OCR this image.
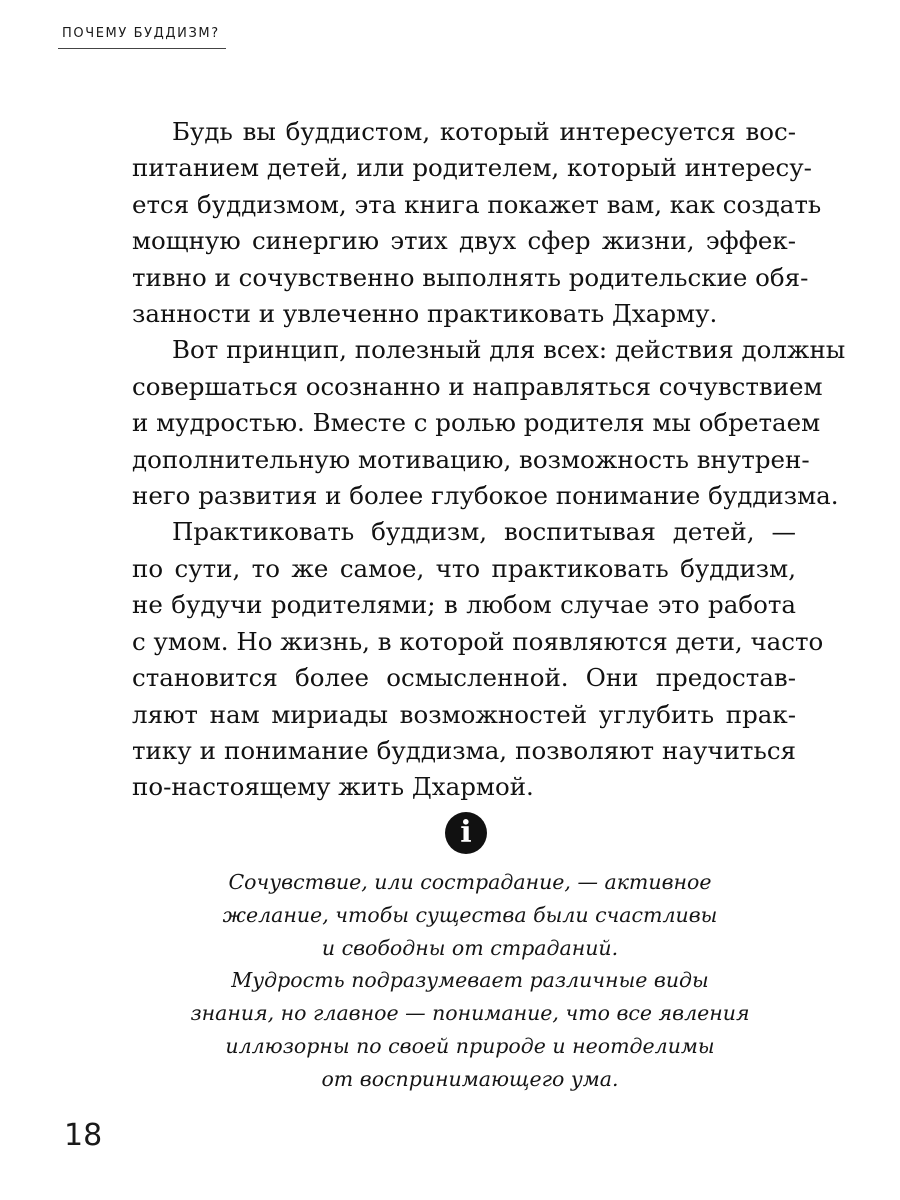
ПОЧЕМУ БУДДИЗМ?

Будь вы буддистом, который интересуется вос-
питанием детей, или родителем, который интересу-
ется буддизмом, эта книга покажет вам, как создать
мощную синергию этих двух сфер жизни, эффек-
тивно и сочувственно выполнять родительские обя-
занности и увлеченно практиковать Дхарму.

Вот принцип, полезный для всех: действия должны
совершаться осознанно и направляться сочувствием
и мудростью. Вместе с ролью родителя мы обретаем
дополнительную мотивацию, возможность внутрен-
него развития и более глубокое понимание буддизма.

Практиковать буддизм, воспитывая детей, —
по сути, то же самое, что практиковать буддизм,
не будучи родителями; в любом случае это работа
с умом. Но жизнь, в которой появляются дети, часто
становится более осмысленной. Они предостав-
ляют нам мириады возможностей углубить прак-
тику и понимание буддизма, позволяют научиться
по-настоящему жить Дхармой.

i
Сочувствие, или сострадание, — активное
желание, чтобы существа были счастливы
и свободны от страданий.
Мудрость подразумевает различные виды
знания, но главное — понимание, что все явления
иллюзорны по своей природе и неотделимы
от воспринимающего ума.
18
